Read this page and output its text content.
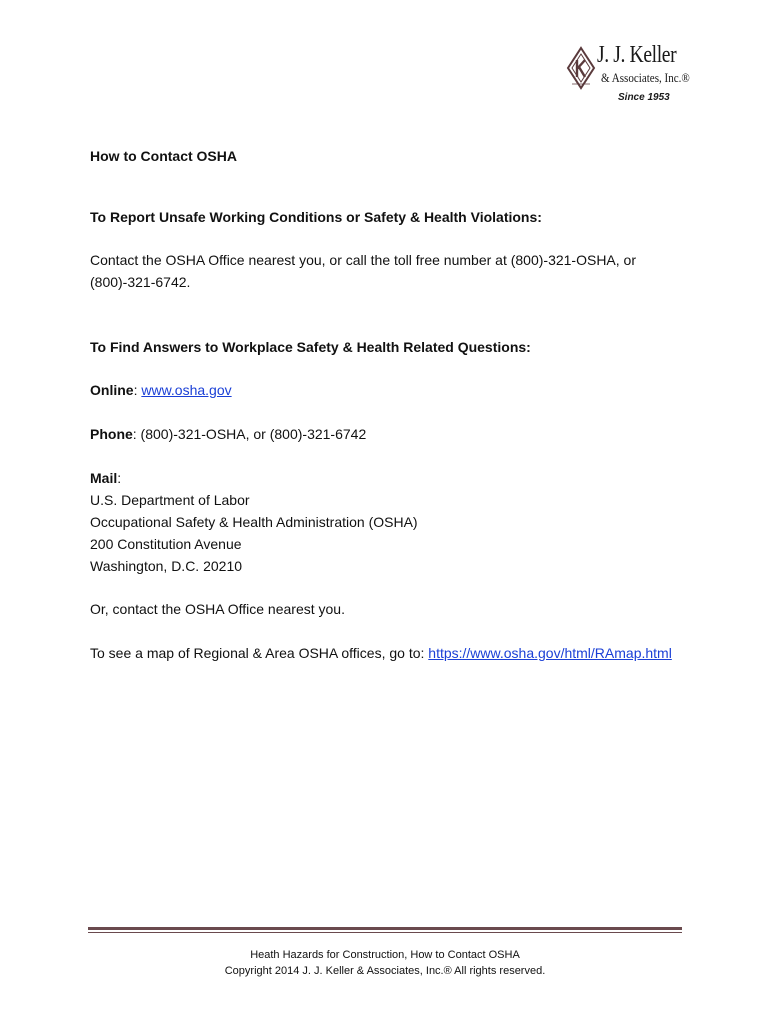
J. J. Keller
& Associates, Inc.®
Since 1953
How to Contact OSHA
To Report Unsafe Working Conditions or Safety & Health Violations:
Contact the OSHA Office nearest you, or call the toll free number at (800)-321-OSHA, or
(800)-321-6742.
To Find Answers to Workplace Safety & Health Related Questions:
Online: www.osha.gov
Phone: (800)-321-OSHA, or (800)-321-6742
Mail:
U.S. Department of Labor
Occupational Safety & Health Administration (OSHA)
200 Constitution Avenue
Washington, D.C. 20210
Or, contact the OSHA Office nearest you.
To see a map of Regional & Area OSHA offices, go to: https://www.osha.gov/html/RAmap.html
Heath Hazards for Construction, How to Contact OSHA
Copyright 2014 J. J. Keller & Associates, Inc.® All rights reserved.
